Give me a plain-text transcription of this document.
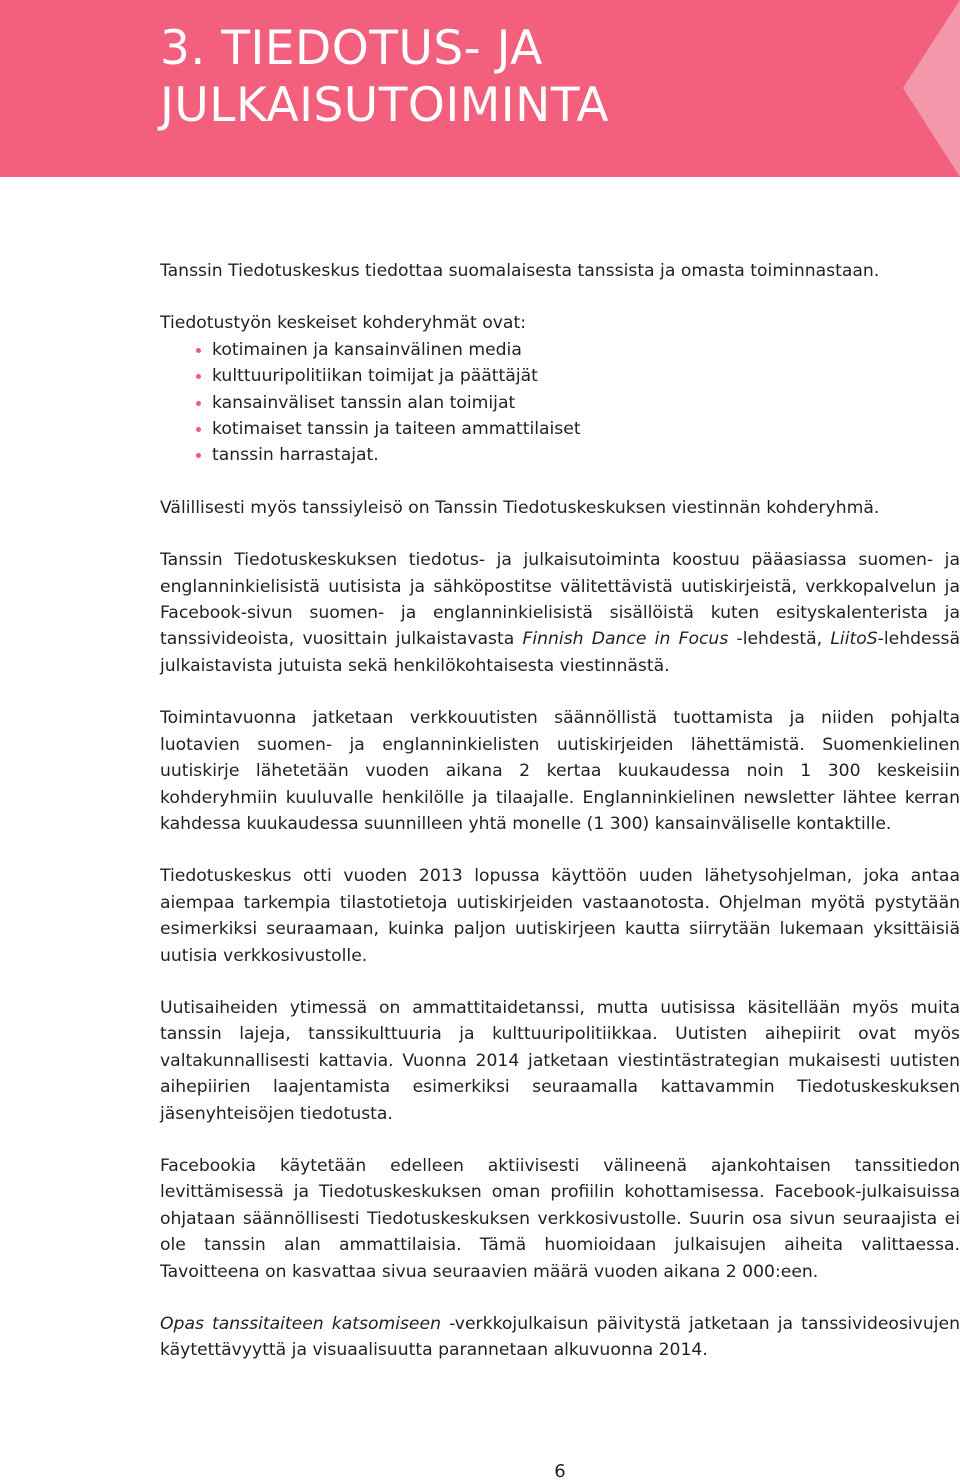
3. TIEDOTUS- JA
JULKAISUTOIMINTA

Tanssin Tiedotuskeskus tiedottaa suomalaisesta tanssista ja omasta toiminnastaan.

Tiedotustyön keskeiset kohderyhmät ovat:

kotimainen ja kansainvälinen media
kulttuuripolitiikan toimijat ja päättäjät
kansainväliset tanssin alan toimijat
kotimaiset tanssin ja taiteen ammattilaiset
tanssin harrastajat.

Välillisesti myös tanssiyleisö on Tanssin Tiedotuskeskuksen viestinnän kohderyhmä.

Tanssin Tiedotuskeskuksen tiedotus- ja julkaisutoiminta koostuu pääasiassa suomen- ja englanninkielisistä uutisista ja sähköpostitse välitettävistä uutiskirjeistä, verkkopalvelun ja Facebook-sivun suomen- ja englanninkielisistä sisällöistä kuten esityskalenterista ja tanssivideoista, vuosittain julkaistavasta Finnish Dance in Focus -lehdestä, LiitoS-lehdessä julkaistavista jutuista sekä henkilökohtaisesta viestinnästä.

Toimintavuonna jatketaan verkkouutisten säännöllistä tuottamista ja niiden pohjalta luotavien suomen- ja englanninkielisten uutiskirjeiden lähettämistä. Suomenkielinen uutiskirje lähetetään vuoden aikana 2 kertaa kuukaudessa noin 1 300 keskeisiin kohderyhmiin kuuluvalle henkilölle ja tilaajalle. Englanninkielinen newsletter lähtee kerran kahdessa kuukaudessa suunnilleen yhtä monelle (1 300) kansainväliselle kontaktille.

Tiedotuskeskus otti vuoden 2013 lopussa käyttöön uuden lähetysohjelman, joka antaa aiempaa tarkempia tilastotietoja uutiskirjeiden vastaanotosta. Ohjelman myötä pystytään esimerkiksi seuraamaan, kuinka paljon uutiskirjeen kautta siirrytään lukemaan yksittäisiä uutisia verkkosivustolle.

Uutisaiheiden ytimessä on ammattitaidetanssi, mutta uutisissa käsitellään myös muita tanssin lajeja, tanssikulttuuria ja kulttuuripolitiikkaa. Uutisten aihepiirit ovat myös valtakunnallisesti kattavia. Vuonna 2014 jatketaan viestintästrategian mukaisesti uutisten aihepiirien laajentamista esimerkiksi seuraamalla kattavammin Tiedotuskeskuksen jäsenyhteisöjen tiedotusta.

Facebookia käytetään edelleen aktiivisesti välineenä ajankohtaisen tanssitiedon levittämisessä ja Tiedotuskeskuksen oman profiilin kohottamisessa. Facebook-julkaisuissa ohjataan säännöllisesti Tiedotuskeskuksen verkkosivustolle. Suurin osa sivun seuraajista ei ole tanssin alan ammattilaisia. Tämä huomioidaan julkaisujen aiheita valittaessa. Tavoitteena on kasvattaa sivua seuraavien määrä vuoden aikana 2 000:een.

Opas tanssitaiteen katsomiseen -verkkojulkaisun päivitystä jatketaan ja tanssivideosivujen käytettävyyttä ja visuaalisuutta parannetaan alkuvuonna 2014.

6
